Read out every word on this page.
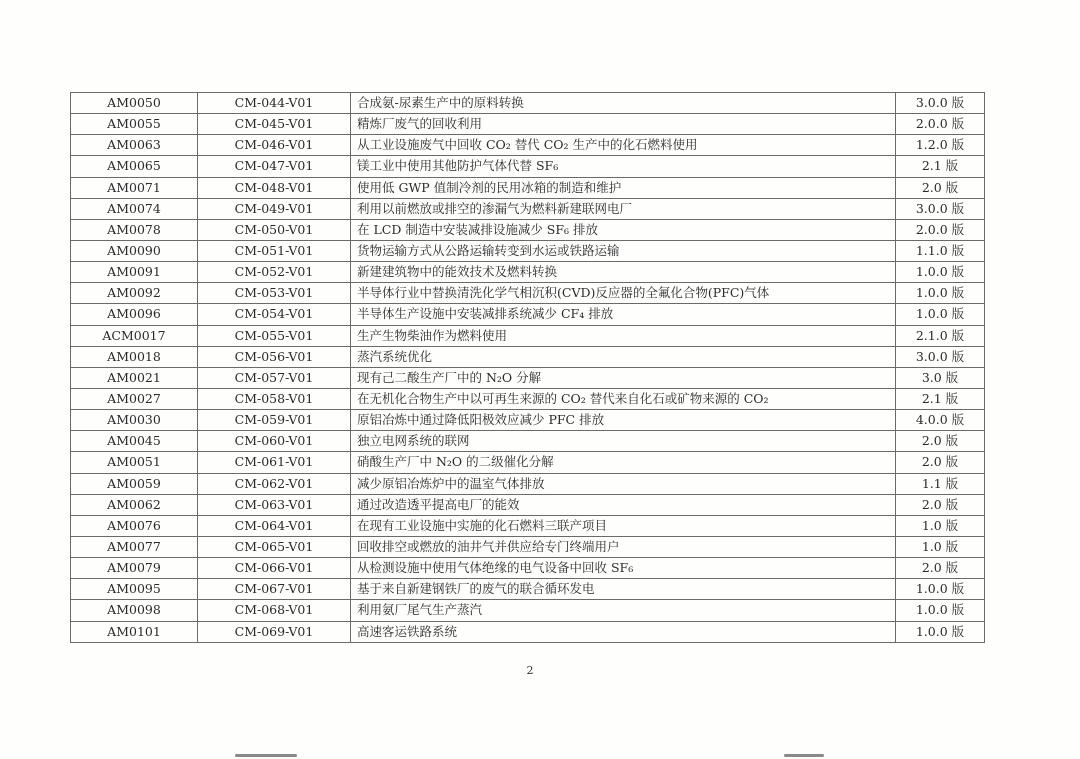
AM0050	CM-044-V01	合成氨-尿素生产中的原料转换	3.0.0 版
AM0055	CM-045-V01	精炼厂废气的回收利用	2.0.0 版
AM0063	CM-046-V01	从工业设施废气中回收 CO₂ 替代 CO₂ 生产中的化石燃料使用	1.2.0 版
AM0065	CM-047-V01	镁工业中使用其他防护气体代替 SF₆	2.1 版
AM0071	CM-048-V01	使用低 GWP 值制冷剂的民用冰箱的制造和维护	2.0 版
AM0074	CM-049-V01	利用以前燃放或排空的渗漏气为燃料新建联网电厂	3.0.0 版
AM0078	CM-050-V01	在 LCD 制造中安装减排设施减少 SF₆ 排放	2.0.0 版
AM0090	CM-051-V01	货物运输方式从公路运输转变到水运或铁路运输	1.1.0 版
AM0091	CM-052-V01	新建建筑物中的能效技术及燃料转换	1.0.0 版
AM0092	CM-053-V01	半导体行业中替换清洗化学气相沉积(CVD)反应器的全氟化合物(PFC)气体	1.0.0 版
AM0096	CM-054-V01	半导体生产设施中安装减排系统减少 CF₄ 排放	1.0.0 版
ACM0017	CM-055-V01	生产生物柴油作为燃料使用	2.1.0 版
AM0018	CM-056-V01	蒸汽系统优化	3.0.0 版
AM0021	CM-057-V01	现有己二酸生产厂中的 N₂O 分解	3.0 版
AM0027	CM-058-V01	在无机化合物生产中以可再生来源的 CO₂ 替代来自化石或矿物来源的 CO₂	2.1 版
AM0030	CM-059-V01	原铝冶炼中通过降低阳极效应减少 PFC 排放	4.0.0 版
AM0045	CM-060-V01	独立电网系统的联网	2.0 版
AM0051	CM-061-V01	硝酸生产厂中 N₂O 的二级催化分解	2.0 版
AM0059	CM-062-V01	减少原铝冶炼炉中的温室气体排放	1.1 版
AM0062	CM-063-V01	通过改造透平提高电厂的能效	2.0 版
AM0076	CM-064-V01	在现有工业设施中实施的化石燃料三联产项目	1.0 版
AM0077	CM-065-V01	回收排空或燃放的油井气并供应给专门终端用户	1.0 版
AM0079	CM-066-V01	从检测设施中使用气体绝缘的电气设备中回收 SF₆	2.0 版
AM0095	CM-067-V01	基于来自新建钢铁厂的废气的联合循环发电	1.0.0 版
AM0098	CM-068-V01	利用氨厂尾气生产蒸汽	1.0.0 版
AM0101	CM-069-V01	高速客运铁路系统	1.0.0 版
2
